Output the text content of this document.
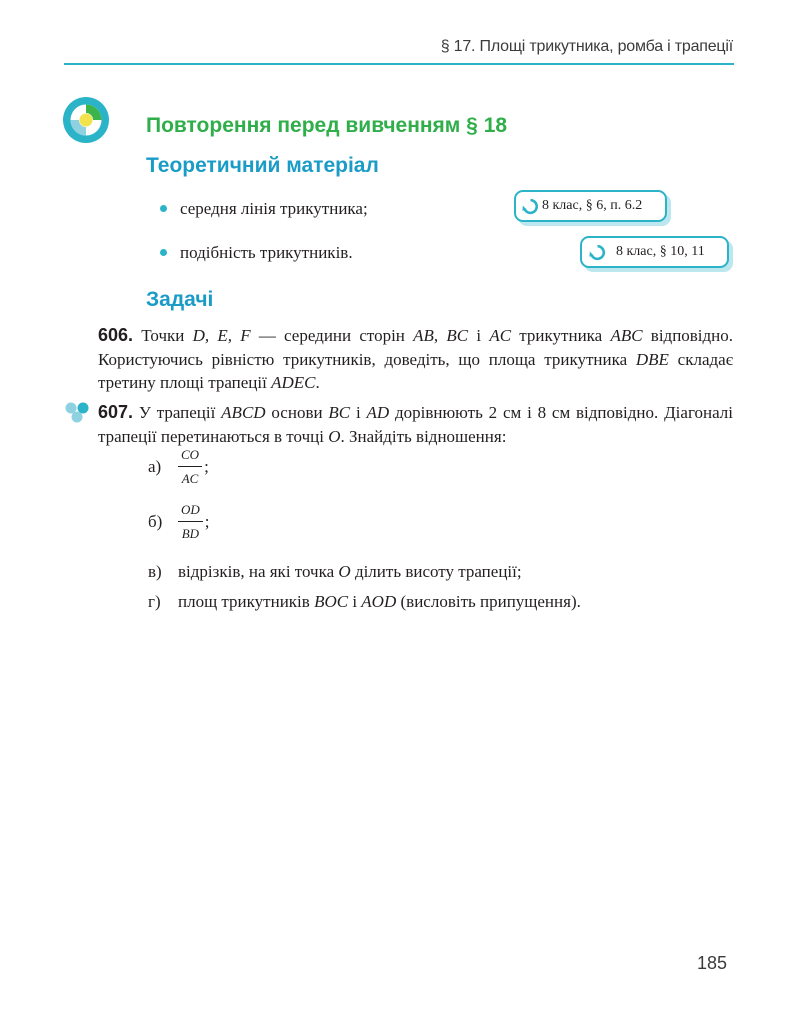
§ 17. Площі трикутника, ромба і трапеції
Повторення перед вивченням § 18
Теоретичний матеріал
середня лінія трикутника;
подібність трикутників.
8 клас, § 6, п. 6.2
8 клас, § 10, 11
Задачі
606. Точки D, E, F — середини сторін AB, BC і AC трикутника ABC відповідно. Користуючись рівністю трикутників, доведіть, що площа трикутника DBE складає третину площі трапеції ADEC.
607. У трапеції ABCD основи BC і AD дорівнюють 2 см і 8 см відповідно. Діагоналі трапеції перетинаються в точці O. Знайдіть відношення:
а)	$\frac{CO}{AC}$ ;
б)	$\frac{OD}{BD}$ ;
в) відрізків, на які точка O ділить висоту трапеції;
г)	площ трикутників BOC і AOD (висловіть припущення).
185
